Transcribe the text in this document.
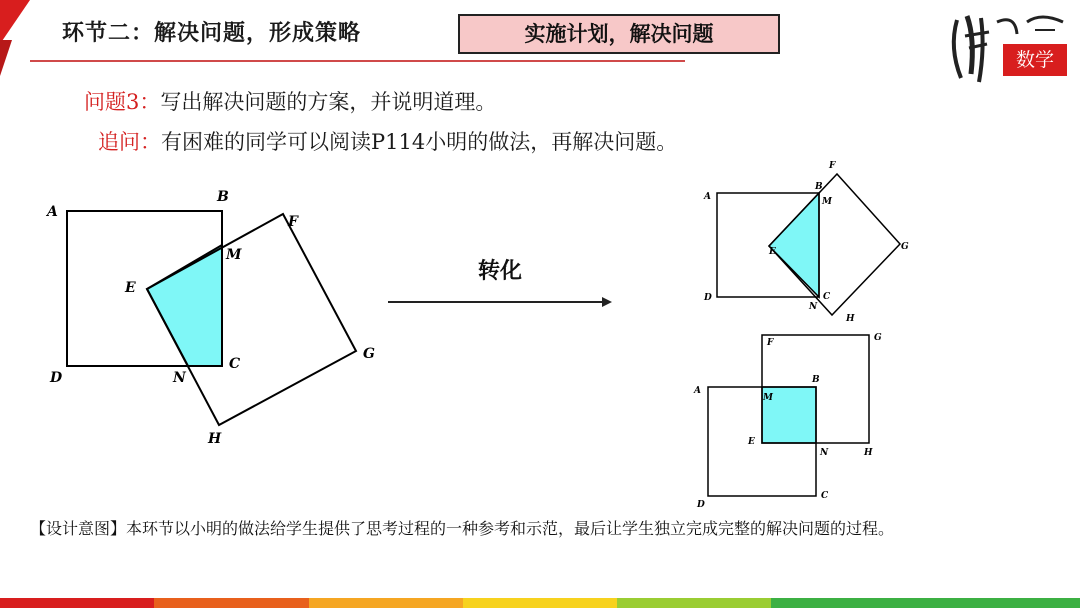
环节二：解决问题，形成策略	实施计划，解决问题
数学
问题3：写出解决问题的方案，并说明道理。
追问：有困难的同学可以阅读P114小明的做法，再解决问题。
A
B
C
D
E
F
G
H
M
N
A
B
C
D
E
F
G
H
M
N
A
B
C
D
E
F	G
H
M
N
转化
【设计意图】本环节以小明的做法给学生提供了思考过程的一种参考和示范，最后让学生独立完成完整的解决问题的过程。
